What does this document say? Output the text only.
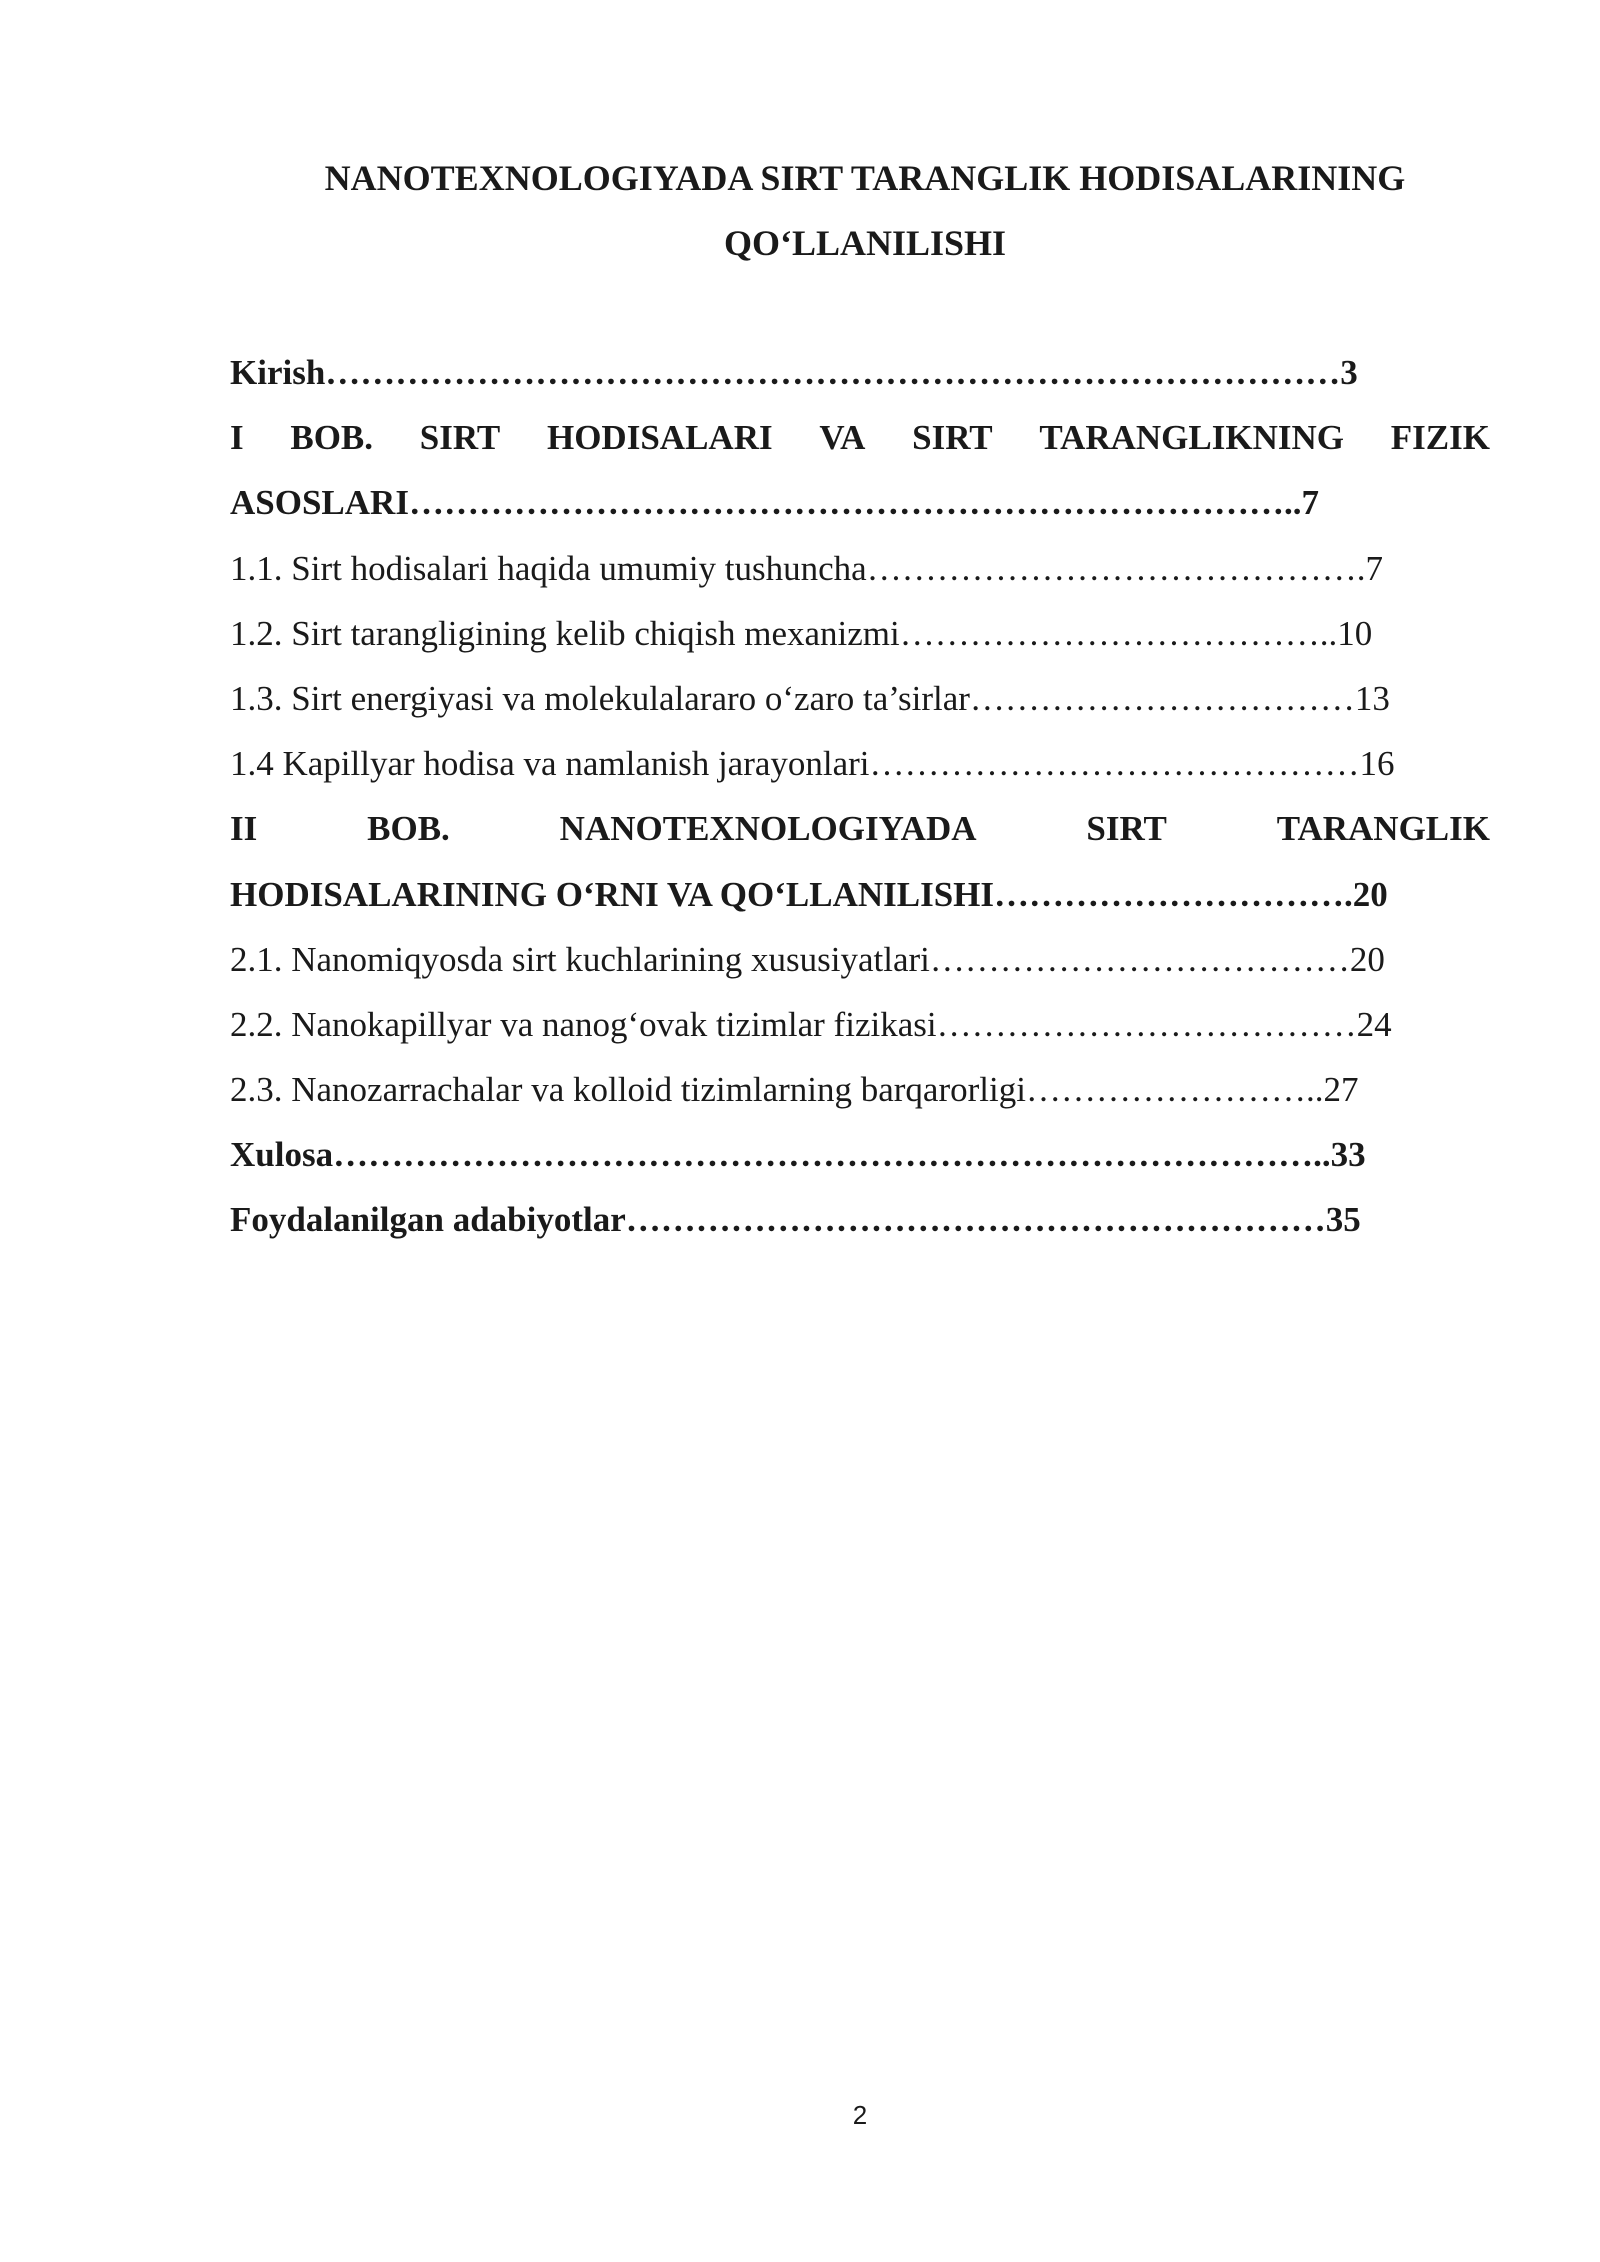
NANOTEXNOLOGIYADA SIRT TARANGLIK HODISALARINING
QO‘LLANILISHI
Kirish……………………………………………………………………………3
I BOB. SIRT HODISALARI VA SIRT TARANGLIKNING FIZIK
ASOSLARI…………………………………………………………………..7
1.1. Sirt hodisalari haqida umumiy tushuncha…………………………………….7
1.2. Sirt tarangligining kelib chiqish mexanizmi………………………………..10
1.3. Sirt energiyasi va molekulalararo o‘zaro ta’sirlar……………………………13
1.4 Kapillyar hodisa va namlanish jarayonlari……………………………………16
II	BOB.	NANOTEXNOLOGIYADA	SIRT	TARANGLIK
HODISALARINING O‘RNI VA QO‘LLANILISHI………………………….20
2.1. Nanomiqyosda sirt kuchlarining xususiyatlari………………………………20
2.2. Nanokapillyar va nanog‘ovak tizimlar fizikasi………………………………24
2.3. Nanozarrachalar va kolloid tizimlarning barqarorligi……………………..27
Xulosa…………………………………………………………………………..33
Foydalanilgan adabiyotlar……………………………………………………35
2
